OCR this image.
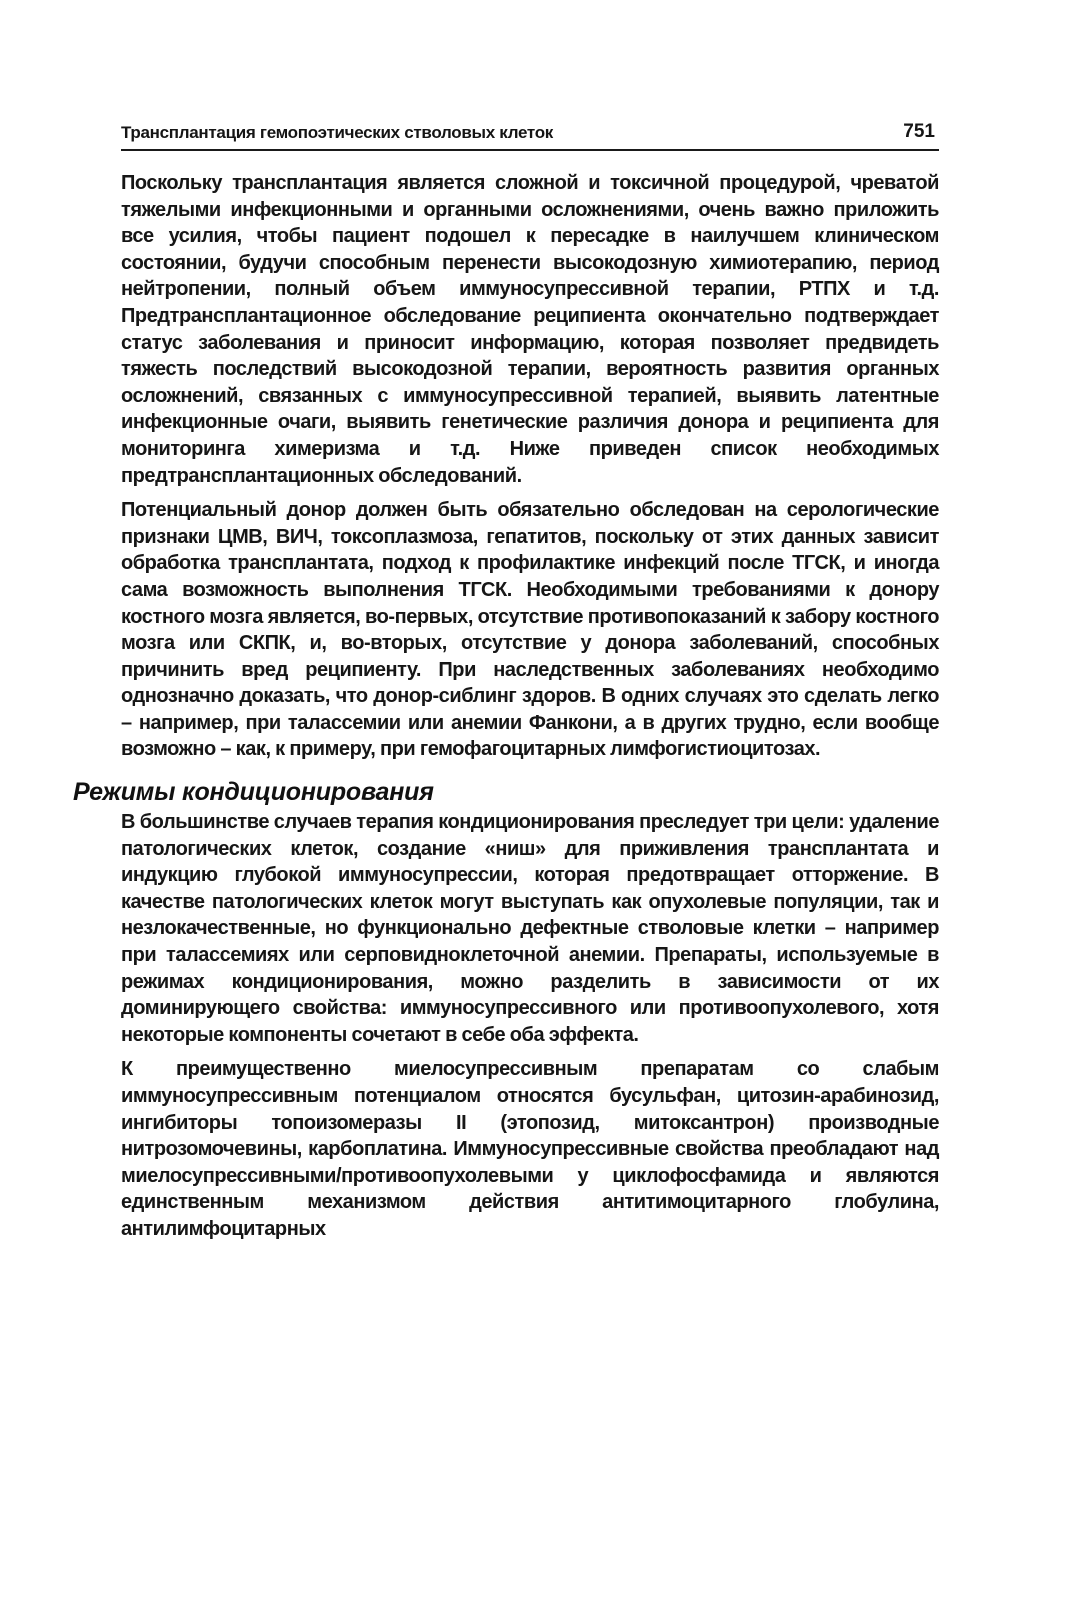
Трансплантация гемопоэтических стволовых клеток	751

Поскольку трансплантация является сложной и токсичной процедурой, чреватой тяжелыми инфекционными и органными осложнениями, очень важно приложить все усилия, чтобы пациент подошел к пересадке в наилучшем клиническом состоянии, будучи способным перенести высокодозную химиотерапию, период нейтропении, полный объем иммуносупрессивной терапии, РТПХ и т.д. Предтрансплантационное обследование реципиента окончательно подтверждает статус заболевания и приносит информацию, которая позволяет предвидеть тяжесть последствий высокодозной терапии, вероятность развития органных осложнений, связанных с иммуносупрессивной терапией, выявить латентные инфекционные очаги, выявить генетические различия донора и реципиента для мониторинга химеризма и т.д. Ниже приведен список необходимых предтрансплантационных обследований.

Потенциальный донор должен быть обязательно обследован на серологические признаки ЦМВ, ВИЧ, токсоплазмоза, гепатитов, поскольку от этих данных зависит обработка трансплантата, подход к профилактике инфекций после ТГСК, и иногда сама возможность выполнения ТГСК. Необходимыми требованиями к донору костного мозга является, во-первых, отсутствие противопоказаний к забору костного мозга или СКПК, и, во-вторых, отсутствие у донора заболеваний, способных причинить вред реципиенту. При наследственных заболеваниях необходимо однозначно доказать, что донор-сиблинг здоров. В одних случаях это сделать легко – например, при талассемии или анемии Фанкони, а в других трудно, если вообще возможно – как, к примеру, при гемофагоцитарных лимфогистиоцитозах.

Режимы кондиционирования

В большинстве случаев терапия кондиционирования преследует три цели: удаление патологических клеток, создание «ниш» для приживления трансплантата и индукцию глубокой иммуносупрессии, которая предотвращает отторжение. В качестве патологических клеток могут выступать как опухолевые популяции, так и незлокачественные, но функционально дефектные стволовые клетки – например при талассемиях или серповидноклеточной анемии. Препараты, используемые в режимах кондиционирования, можно разделить в зависимости от их доминирующего свойства: иммуносупрессивного или противоопухолевого, хотя некоторые компоненты сочетают в себе оба эффекта.

К преимущественно миелосупрессивным препаратам со слабым иммуносупрессивным потенциалом относятся бусульфан, цитозин-арабинозид, ингибиторы топоизомеразы II (этопозид, митоксантрон) производные нитрозомочевины, карбоплатина. Иммуносупрессивные свойства преобладают над миелосупрессивными/противоопухолевыми у циклофосфамида и являются единственным механизмом действия антитимоцитарного глобулина, антилимфоцитарных
